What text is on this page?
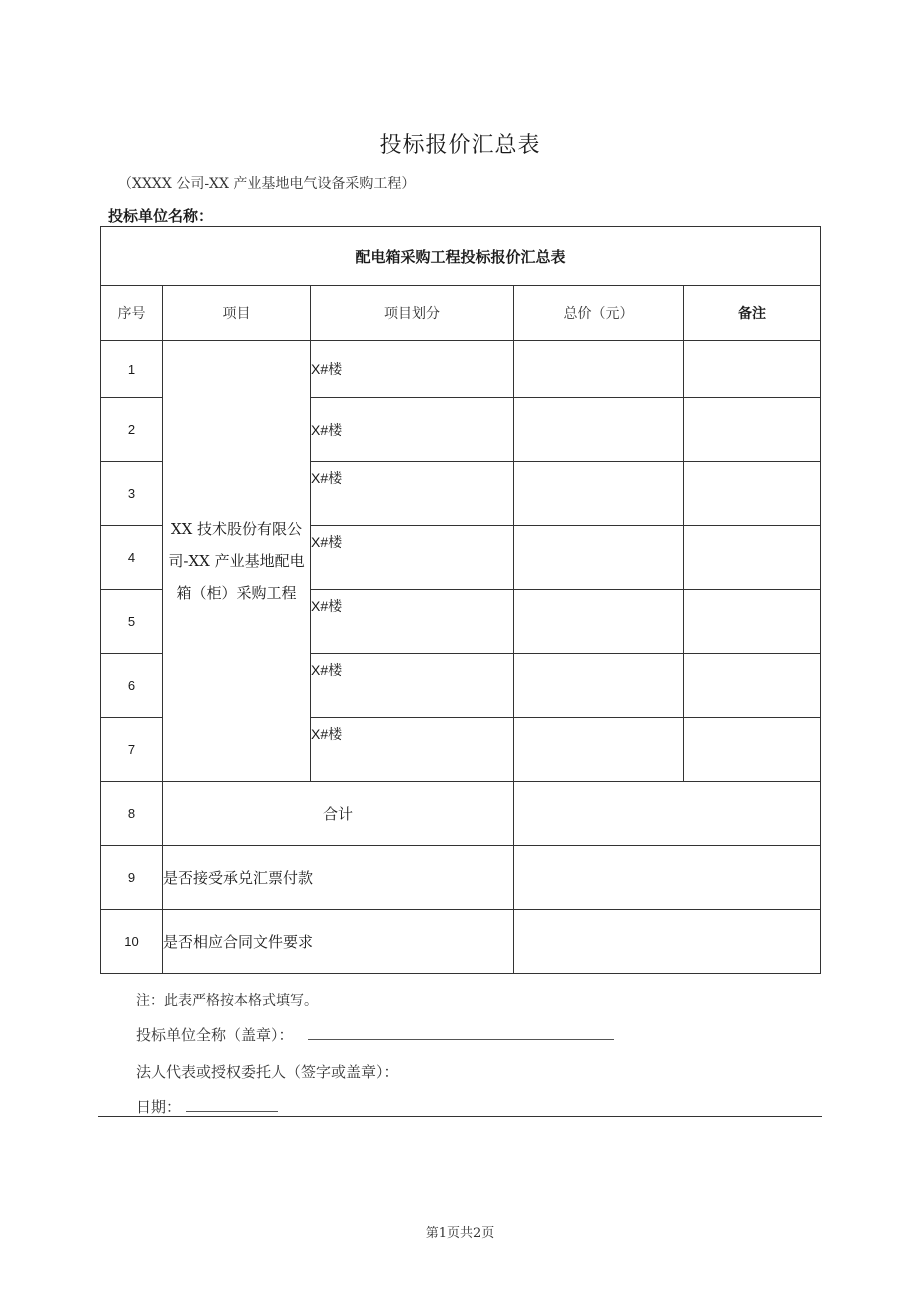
投标报价汇总表
（XXXX 公司-XX 产业基地电气设备采购工程）
投标单位名称：
配电箱采购工程投标报价汇总表				
序号	项目	项目划分	总价（元）	备注
1	XX 技术股份有限公司-XX 产业基地配电箱（柜）采购工程	X#楼		
2		X#楼		
3		X#楼		
4		X#楼		
5		X#楼		
6		X#楼		
7		X#楼		
8	合计			
9	是否接受承兑汇票付款			
10	是否相应合同文件要求			
注：此表严格按本格式填写。
投标单位全称（盖章）：
法人代表或授权委托人（签字或盖章）：
日期：
第1页共2页
